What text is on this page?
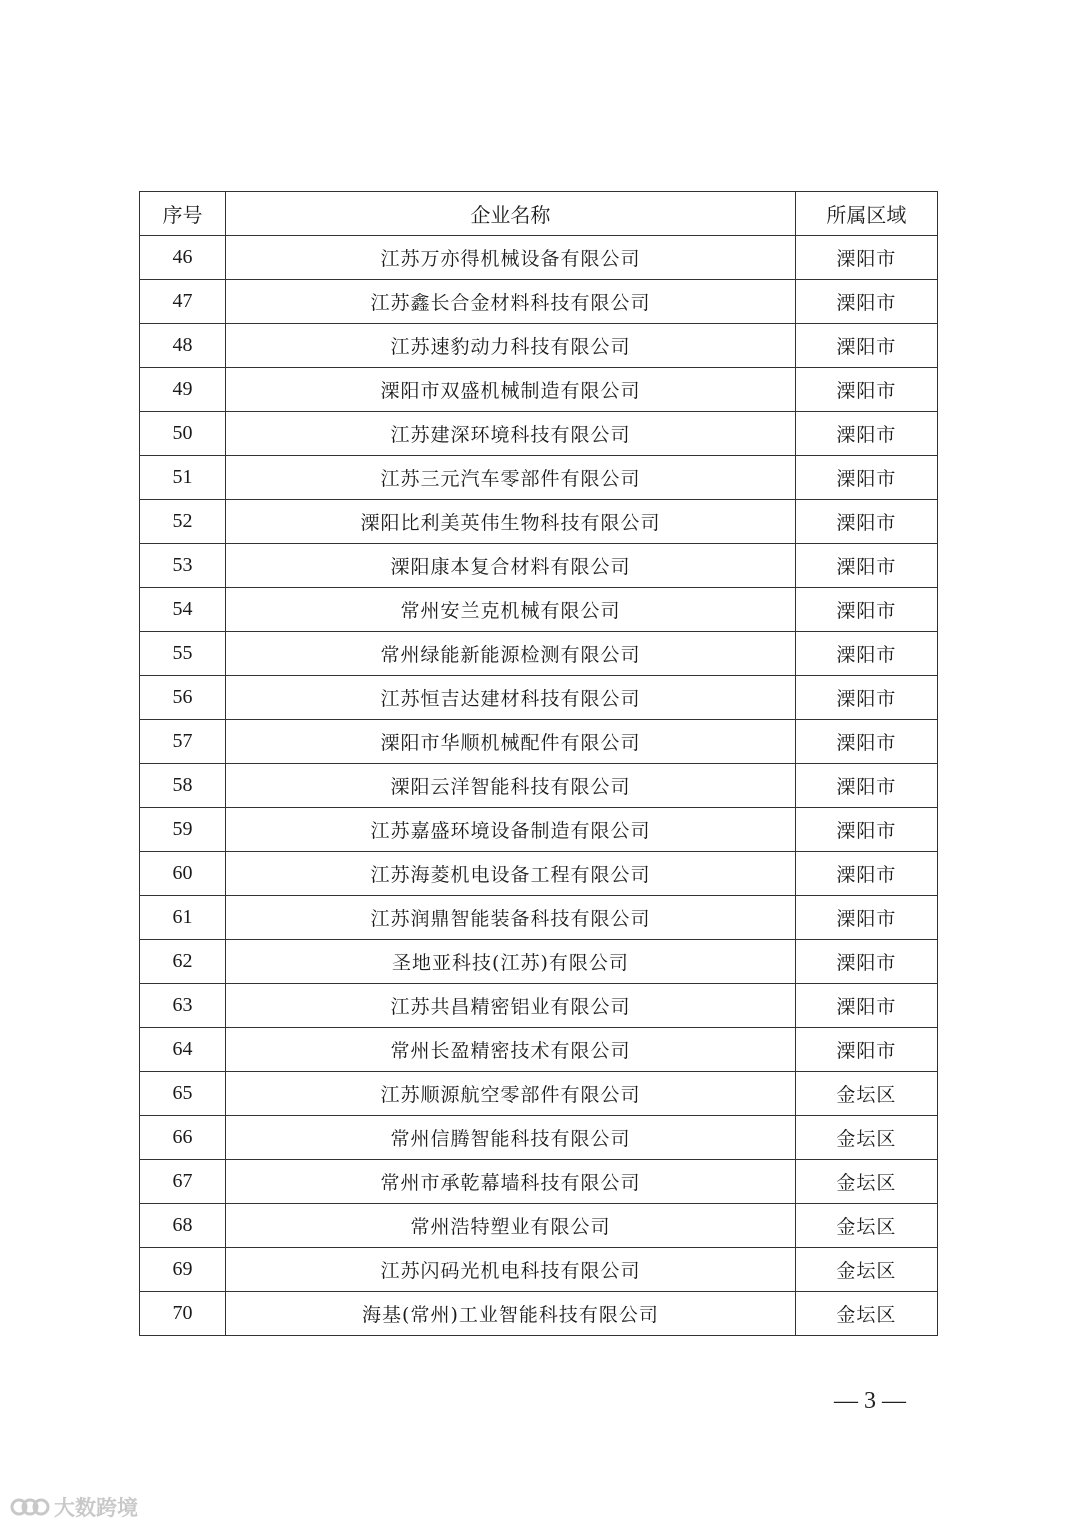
序号	企业名称	所属区域
46	江苏万亦得机械设备有限公司	溧阳市
47	江苏鑫长合金材料科技有限公司	溧阳市
48	江苏速豹动力科技有限公司	溧阳市
49	溧阳市双盛机械制造有限公司	溧阳市
50	江苏建深环境科技有限公司	溧阳市
51	江苏三元汽车零部件有限公司	溧阳市
52	溧阳比利美英伟生物科技有限公司	溧阳市
53	溧阳康本复合材料有限公司	溧阳市
54	常州安兰克机械有限公司	溧阳市
55	常州绿能新能源检测有限公司	溧阳市
56	江苏恒吉达建材科技有限公司	溧阳市
57	溧阳市华顺机械配件有限公司	溧阳市
58	溧阳云洋智能科技有限公司	溧阳市
59	江苏嘉盛环境设备制造有限公司	溧阳市
60	江苏海菱机电设备工程有限公司	溧阳市
61	江苏润鼎智能装备科技有限公司	溧阳市
62	圣地亚科技(江苏)有限公司	溧阳市
63	江苏共昌精密铝业有限公司	溧阳市
64	常州长盈精密技术有限公司	溧阳市
65	江苏顺源航空零部件有限公司	金坛区
66	常州信腾智能科技有限公司	金坛区
67	常州市承乾幕墙科技有限公司	金坛区
68	常州浩特塑业有限公司	金坛区
69	江苏闪码光机电科技有限公司	金坛区
70	海基(常州)工业智能科技有限公司	金坛区
— 3 —
大数跨境
